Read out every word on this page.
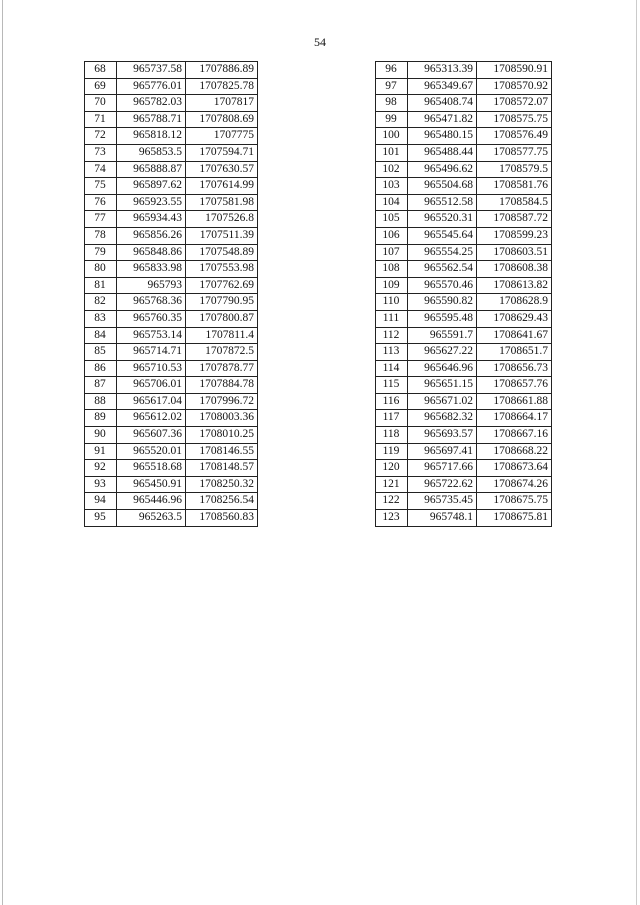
54
68	965737.58	1707886.89
69	965776.01	1707825.78
70	965782.03	1707817
71	965788.71	1707808.69
72	965818.12	1707775
73	965853.5	1707594.71
74	965888.87	1707630.57
75	965897.62	1707614.99
76	965923.55	1707581.98
77	965934.43	1707526.8
78	965856.26	1707511.39
79	965848.86	1707548.89
80	965833.98	1707553.98
81	965793	1707762.69
82	965768.36	1707790.95
83	965760.35	1707800.87
84	965753.14	1707811.4
85	965714.71	1707872.5
86	965710.53	1707878.77
87	965706.01	1707884.78
88	965617.04	1707996.72
89	965612.02	1708003.36
90	965607.36	1708010.25
91	965520.01	1708146.55
92	965518.68	1708148.57
93	965450.91	1708250.32
94	965446.96	1708256.54
95	965263.5	1708560.83
96	965313.39	1708590.91
97	965349.67	1708570.92
98	965408.74	1708572.07
99	965471.82	1708575.75
100	965480.15	1708576.49
101	965488.44	1708577.75
102	965496.62	1708579.5
103	965504.68	1708581.76
104	965512.58	1708584.5
105	965520.31	1708587.72
106	965545.64	1708599.23
107	965554.25	1708603.51
108	965562.54	1708608.38
109	965570.46	1708613.82
110	965590.82	1708628.9
111	965595.48	1708629.43
112	965591.7	1708641.67
113	965627.22	1708651.7
114	965646.96	1708656.73
115	965651.15	1708657.76
116	965671.02	1708661.88
117	965682.32	1708664.17
118	965693.57	1708667.16
119	965697.41	1708668.22
120	965717.66	1708673.64
121	965722.62	1708674.26
122	965735.45	1708675.75
123	965748.1	1708675.81
